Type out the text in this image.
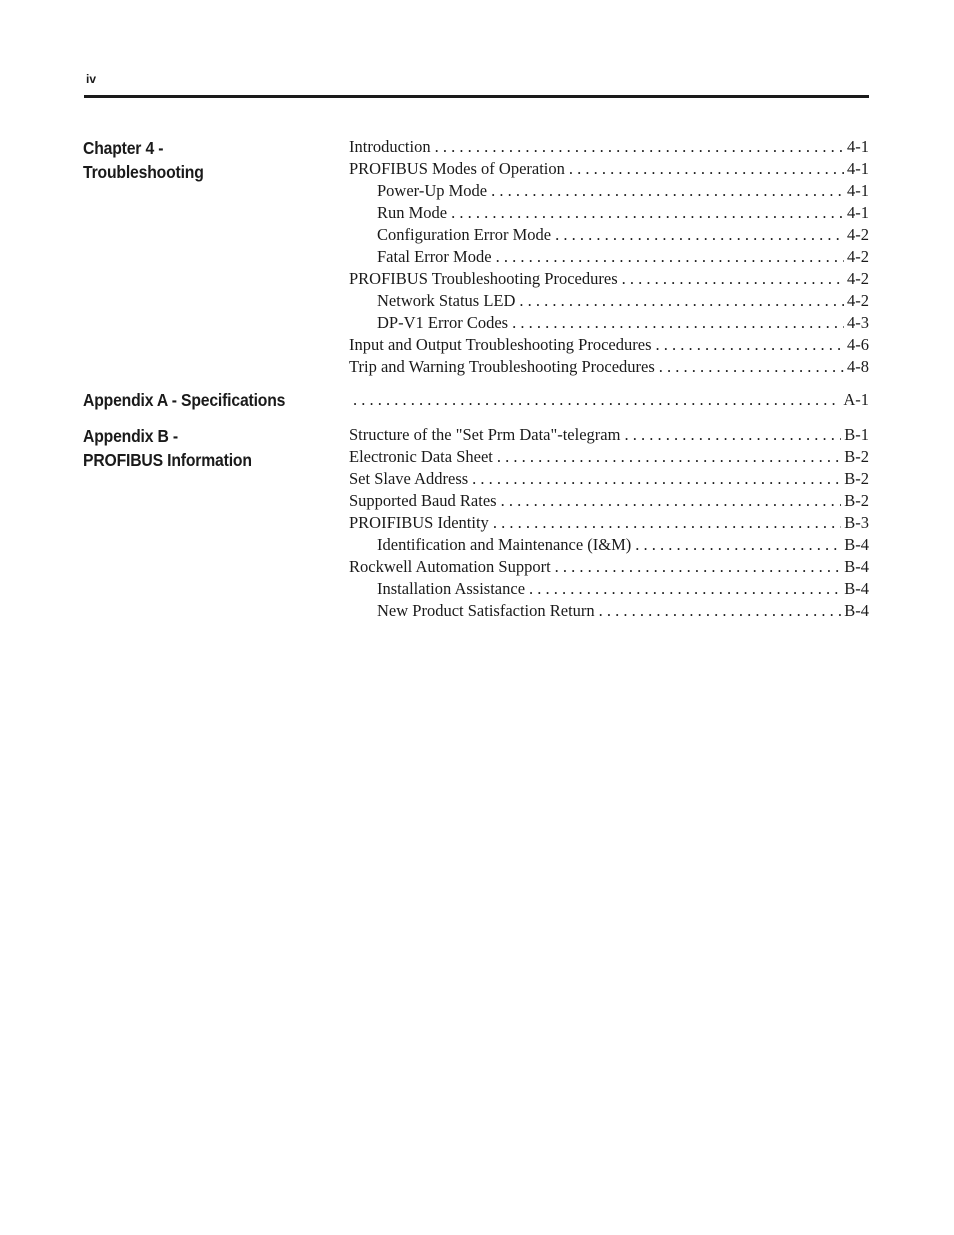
iv
Chapter 4 -
Troubleshooting
Introduction . . .	4-1
PROFIBUS Modes of Operation . . .	4-1
Power-Up Mode . . .	4-1
Run Mode . . .	4-1
Configuration Error Mode . . .	4-2
Fatal Error Mode . . .	4-2
PROFIBUS Troubleshooting Procedures . . .	4-2
Network Status LED . . .	4-2
DP-V1 Error Codes . . .	4-3
Input and Output Troubleshooting Procedures . . .	4-6
Trip and Warning Troubleshooting Procedures . . .	4-8
Appendix A - Specifications . . .	A-1
Appendix B -
PROFIBUS Information
Structure of the "Set Prm Data"-telegram . . .	B-1
Electronic Data Sheet . . .	B-2
Set Slave Address . . .	B-2
Supported Baud Rates . . .	B-2
PROIFIBUS Identity . . .	B-3
Identification and Maintenance (I&M) . . .	B-4
Rockwell Automation Support . . .	B-4
Installation Assistance . . .	B-4
New Product Satisfaction Return . . .	B-4
